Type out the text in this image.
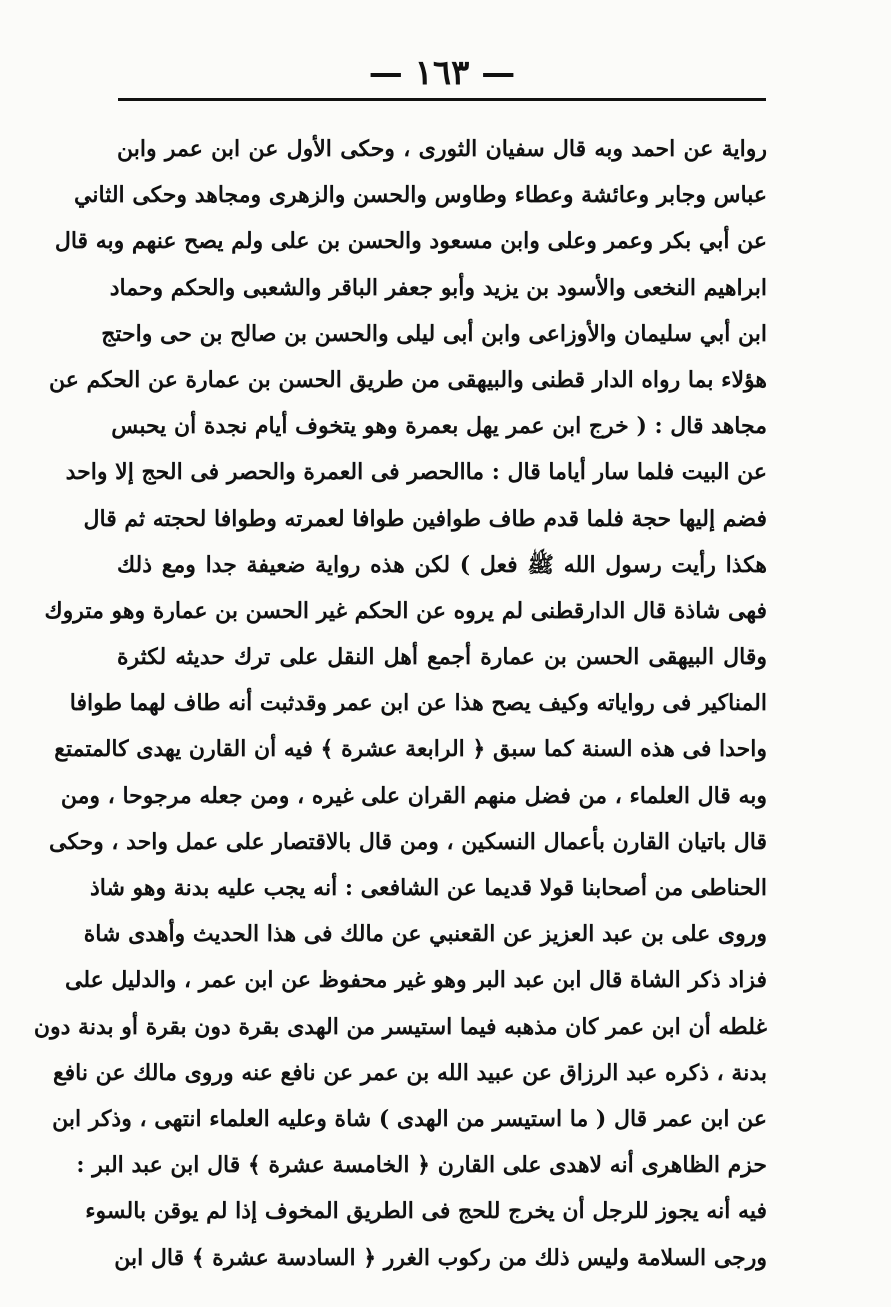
— ١٦٣ —
رواية عن احمد وبه قال سفيان الثورى ، وحكى الأول عن ابن عمر وابن
عباس وجابر وعائشة وعطاء وطاوس والحسن والزهرى ومجاهد وحكى الثاني
عن أبي بكر وعمر وعلى وابن مسعود والحسن بن على ولم يصح عنهم وبه قال
ابراهيم النخعى والأسود بن يزيد وأبو جعفر الباقر والشعبى والحكم وحماد
ابن أبي سليمان والأوزاعى وابن أبى ليلى والحسن بن صالح بن حى واحتج
هؤلاء بما رواه الدار قطنى والبيهقى من طريق الحسن بن عمارة عن الحكم عن
مجاهد قال : ( خرج ابن عمر يهل بعمرة وهو يتخوف أيام نجدة أن يحبس
عن البيت فلما سار أياما قال : ماالحصر فى العمرة والحصر فى الحج إلا واحد
فضم إليها حجة فلما قدم طاف طوافين طوافا لعمرته وطوافا لحجته ثم قال
هكذا رأيت رسول الله ﷺ فعل ) لكن هذه رواية ضعيفة جدا ومع ذلك
فهى شاذة قال الدارقطنى لم يروه عن الحكم غير الحسن بن عمارة وهو متروك
وقال البيهقى الحسن بن عمارة أجمع أهل النقل على ترك حديثه لكثرة
المناكير فى رواياته وكيف يصح هذا عن ابن عمر وقدثبت أنه طاف لهما طوافا
واحدا فى هذه السنة كما سبق ﴿ الرابعة عشرة ﴾ فيه أن القارن يهدى كالمتمتع
وبه قال العلماء ، من فضل منهم القران على غيره ، ومن جعله مرجوحا ، ومن
قال باتيان القارن بأعمال النسكين ، ومن قال بالاقتصار على عمل واحد ، وحكى
الحناطى من أصحابنا قولا قديما عن الشافعى : أنه يجب عليه بدنة وهو شاذ
وروى على بن عبد العزيز عن القعنبي عن مالك فى هذا الحديث وأهدى شاة
فزاد ذكر الشاة قال ابن عبد البر وهو غير محفوظ عن ابن عمر ، والدليل على
غلطه أن ابن عمر كان مذهبه فيما استيسر من الهدى بقرة دون بقرة أو بدنة دون
بدنة ، ذكره عبد الرزاق عن عبيد الله بن عمر عن نافع عنه وروى مالك عن نافع
عن ابن عمر قال ( ما استيسر من الهدى ) شاة وعليه العلماء انتهى ، وذكر ابن
حزم الظاهرى أنه لاهدى على القارن ﴿ الخامسة عشرة ﴾ قال ابن عبد البر :
فيه أنه يجوز للرجل أن يخرج للحج فى الطريق المخوف إذا لم يوقن بالسوء
ورجى السلامة وليس ذلك من ركوب الغرر ﴿ السادسة عشرة ﴾ قال ابن
